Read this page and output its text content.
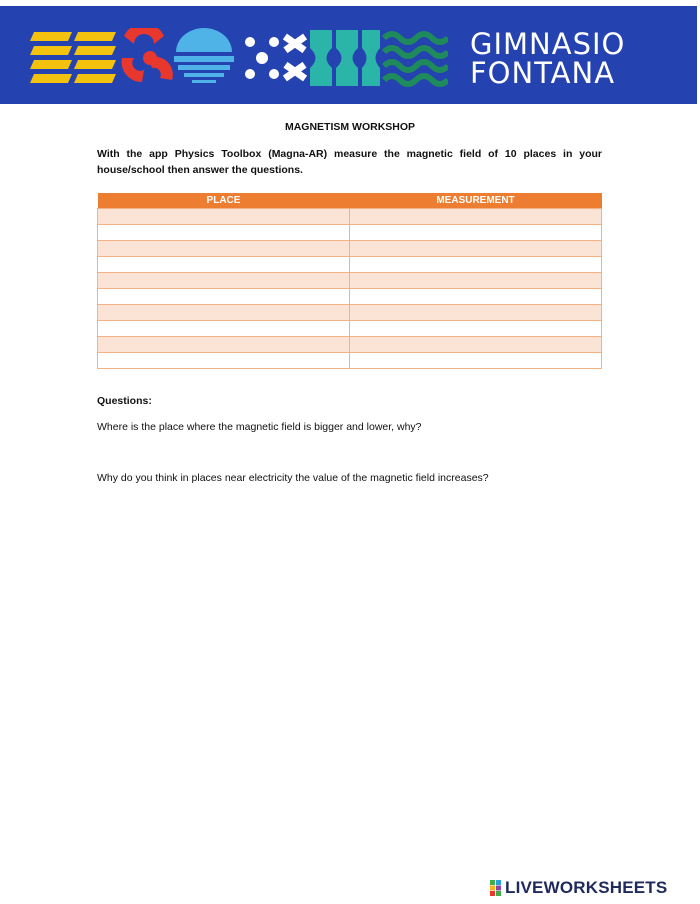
GIMNASIO
FONTANA
MAGNETISM WORKSHOP
With the app Physics Toolbox (Magna-AR) measure the magnetic field of 10 places in your house/school then answer the questions.
PLACE	MEASUREMENT

Questions:
Where is the place where the magnetic field is bigger and lower, why?
Why do you think in places near electricity the value of the magnetic field increases?
LIVEWORKSHEETS
